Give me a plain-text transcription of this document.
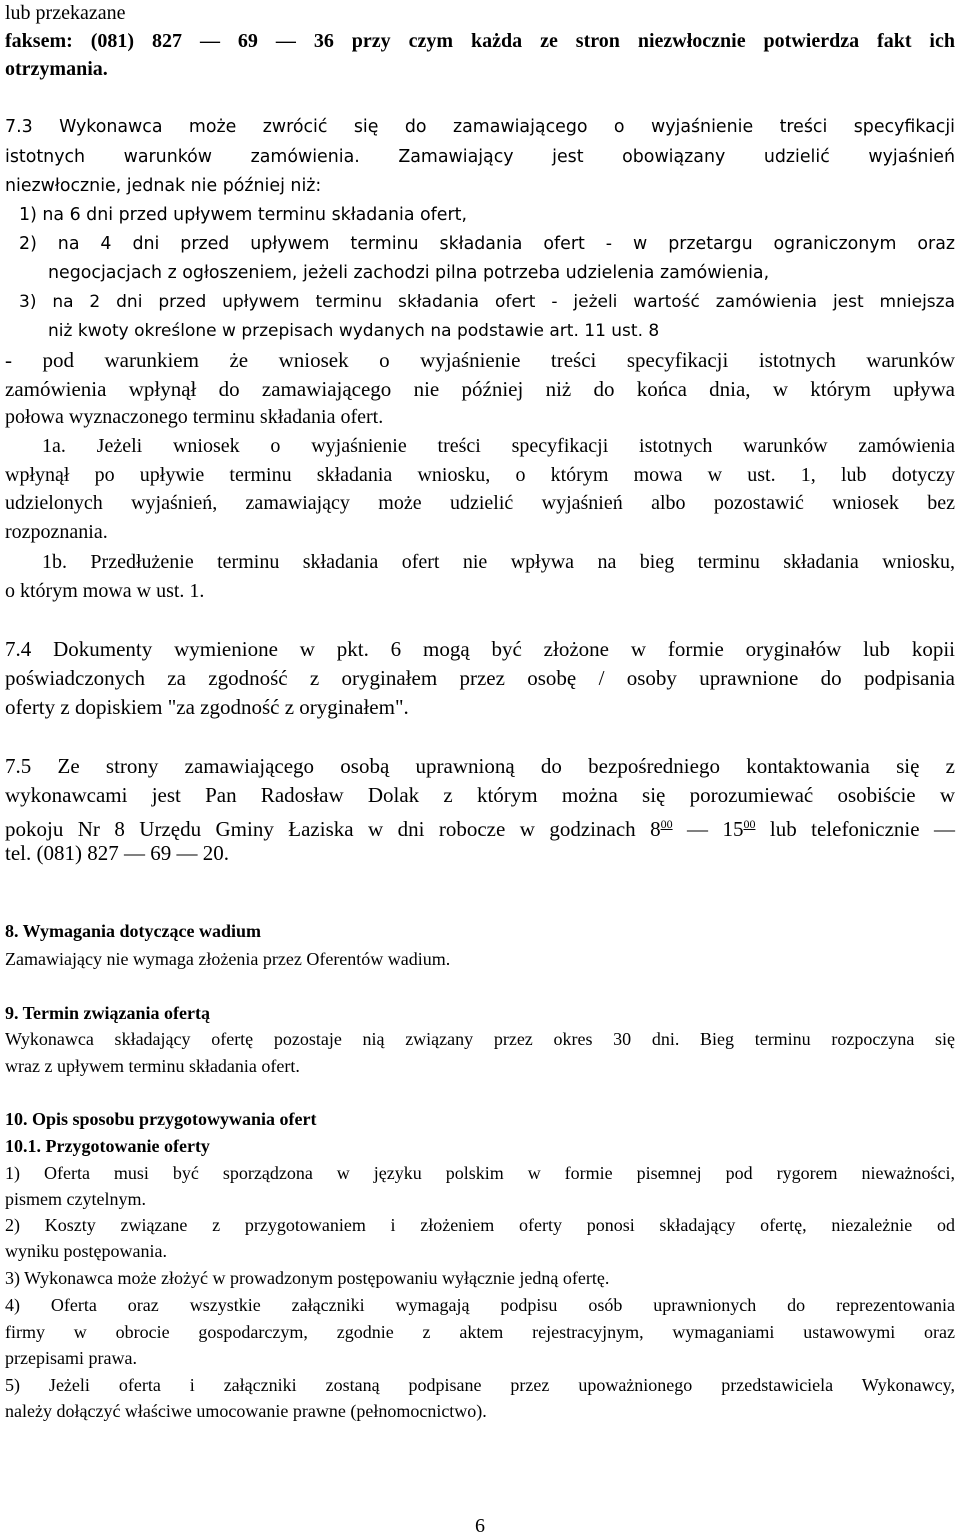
lub przekazane
faksem: (081) 827 — 69 — 36 przy czym każda ze stron niezwłocznie potwierdza fakt ich
otrzymania.
7.3 Wykonawca może zwrócić się do zamawiającego o wyjaśnienie treści specyfikacji
istotnych warunków zamówienia. Zamawiający jest obowiązany udzielić wyjaśnień
niezwłocznie, jednak nie później niż:
1) na 6 dni przed upływem terminu składania ofert,
2) na 4 dni przed upływem terminu składania ofert - w przetargu ograniczonym oraz
negocjacjach z ogłoszeniem, jeżeli zachodzi pilna potrzeba udzielenia zamówienia,
3) na 2 dni przed upływem terminu składania ofert - jeżeli wartość zamówienia jest mniejsza
niż kwoty określone w przepisach wydanych na podstawie art. 11 ust. 8
- pod warunkiem że wniosek o wyjaśnienie treści specyfikacji istotnych warunków
zamówienia wpłynął do zamawiającego nie później niż do końca dnia, w którym upływa
połowa wyznaczonego terminu składania ofert.
1a. Jeżeli wniosek o wyjaśnienie treści specyfikacji istotnych warunków zamówienia
wpłynął po upływie terminu składania wniosku, o którym mowa w ust. 1, lub dotyczy
udzielonych wyjaśnień, zamawiający może udzielić wyjaśnień albo pozostawić wniosek bez
rozpoznania.
1b. Przedłużenie terminu składania ofert nie wpływa na bieg terminu składania wniosku,
o którym mowa w ust. 1.
7.4 Dokumenty wymienione w pkt. 6 mogą być złożone w formie oryginałów lub kopii
poświadczonych za zgodność z oryginałem przez osobę / osoby uprawnione do podpisania
oferty z dopiskiem "za zgodność z oryginałem".
7.5 Ze strony zamawiającego osobą uprawnioną do bezpośredniego kontaktowania się z
wykonawcami jest Pan Radosław Dolak z którym można się porozumiewać osobiście w
pokoju Nr 8 Urzędu Gminy Łaziska w dni robocze w godzinach $8^{00}$ — $15^{00}$ lub telefonicznie —
tel. (081) 827 — 69 — 20.
8. Wymagania dotyczące wadium
Zamawiający nie wymaga złożenia przez Oferentów wadium.
9. Termin związania ofertą
Wykonawca składający ofertę pozostaje nią związany przez okres 30 dni. Bieg terminu rozpoczyna się
wraz z upływem terminu składania ofert.
10. Opis sposobu przygotowywania ofert
10.1. Przygotowanie oferty
1) Oferta musi być sporządzona w języku polskim w formie pisemnej pod rygorem nieważności,
pismem czytelnym.
2) Koszty związane z przygotowaniem i złożeniem oferty ponosi składający ofertę, niezależnie od
wyniku postępowania.
3) Wykonawca może złożyć w prowadzonym postępowaniu wyłącznie jedną ofertę.
4) Oferta oraz wszystkie załączniki wymagają podpisu osób uprawnionych do reprezentowania
firmy w obrocie gospodarczym, zgodnie z aktem rejestracyjnym, wymaganiami ustawowymi oraz
przepisami prawa.
5) Jeżeli oferta i załączniki zostaną podpisane przez upoważnionego przedstawiciela Wykonawcy,
należy dołączyć właściwe umocowanie prawne (pełnomocnictwo).
6
